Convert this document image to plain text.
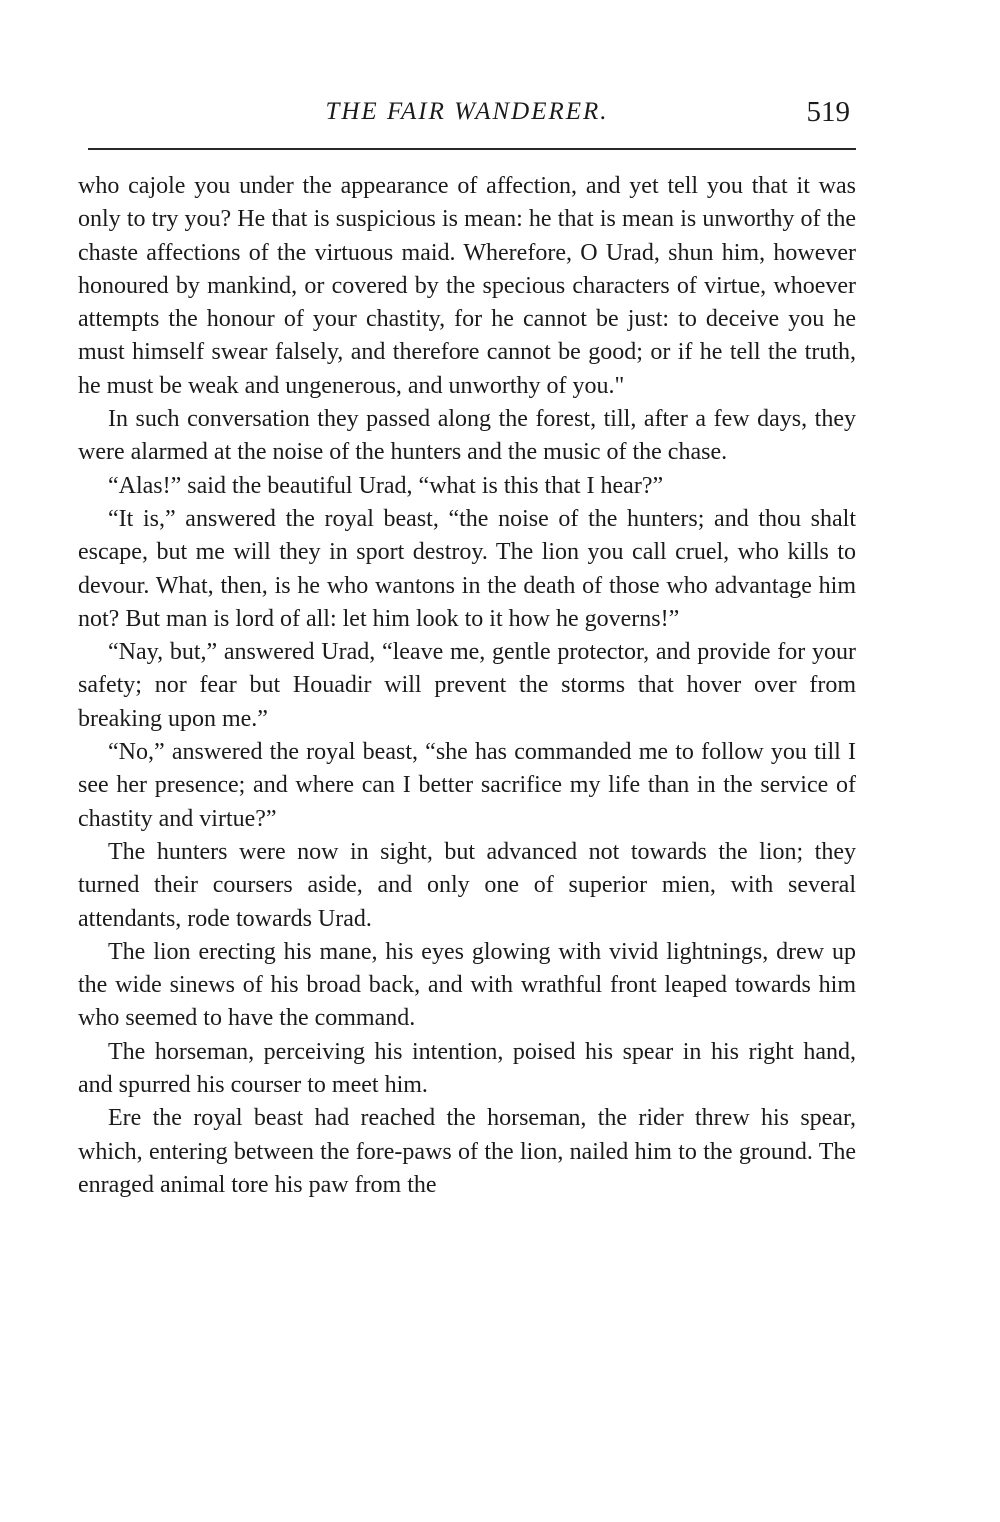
THE FAIR WANDERER.	519

who cajole you under the appearance of affection, and yet tell you that it was only to try you? He that is suspicious is mean: he that is mean is unworthy of the chaste affections of the virtuous maid. Wherefore, O Urad, shun him, however honoured by mankind, or covered by the specious characters of virtue, whoever attempts the honour of your chastity, for he cannot be just: to deceive you he must himself swear falsely, and therefore cannot be good; or if he tell the truth, he must be weak and ungenerous, and unworthy of you."

In such conversation they passed along the forest, till, after a few days, they were alarmed at the noise of the hunters and the music of the chase.

“Alas!” said the beautiful Urad, “what is this that I hear?”

“It is,” answered the royal beast, “the noise of the hunters; and thou shalt escape, but me will they in sport destroy. The lion you call cruel, who kills to devour. What, then, is he who wantons in the death of those who advantage him not? But man is lord of all: let him look to it how he governs!”

“Nay, but,” answered Urad, “leave me, gentle protector, and provide for your safety; nor fear but Houadir will prevent the storms that hover over from breaking upon me.”

“No,” answered the royal beast, “she has commanded me to follow you till I see her presence; and where can I better sacrifice my life than in the service of chastity and virtue?”

The hunters were now in sight, but advanced not towards the lion; they turned their coursers aside, and only one of superior mien, with several attendants, rode towards Urad.

The lion erecting his mane, his eyes glowing with vivid lightnings, drew up the wide sinews of his broad back, and with wrathful front leaped towards him who seemed to have the command.

The horseman, perceiving his intention, poised his spear in his right hand, and spurred his courser to meet him.

Ere the royal beast had reached the horseman, the rider threw his spear, which, entering between the fore-paws of the lion, nailed him to the ground. The enraged animal tore his paw from the
